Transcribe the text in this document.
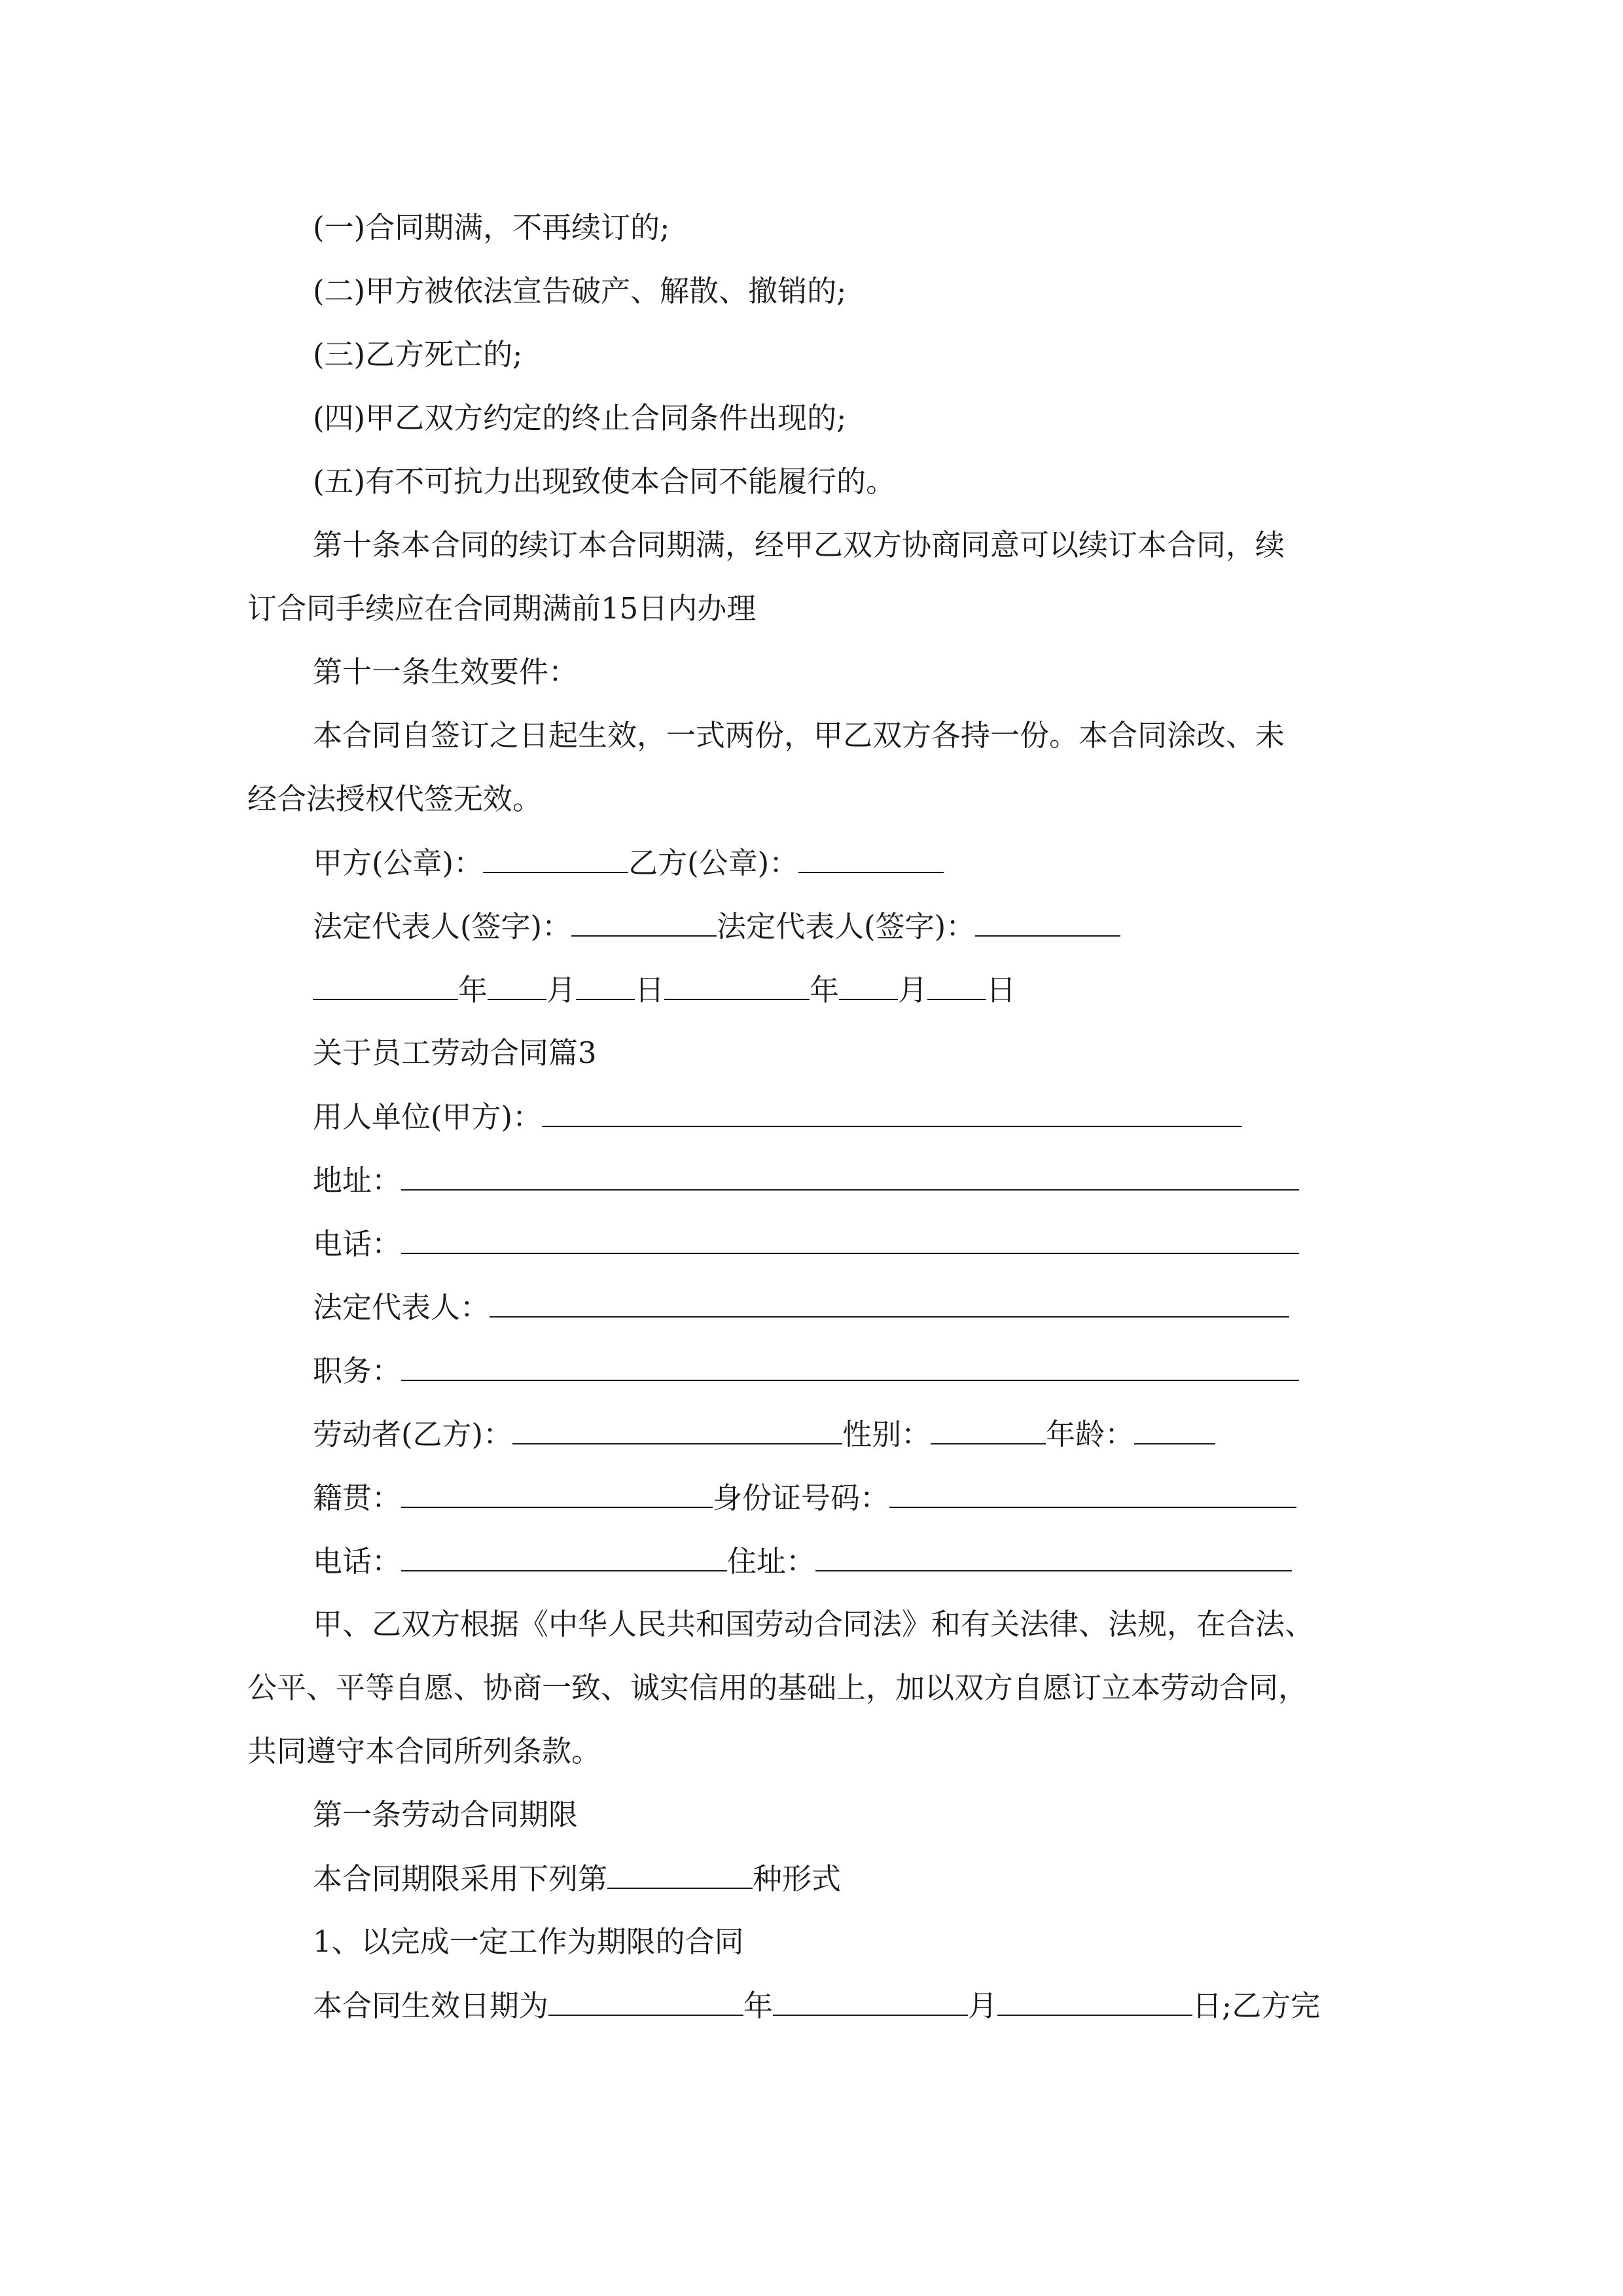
(一)合同期满，不再续订的;
(二)甲方被依法宣告破产、解散、撤销的;
(三)乙方死亡的;
(四)甲乙双方约定的终止合同条件出现的;
(五)有不可抗力出现致使本合同不能履行的。
第十条本合同的续订本合同期满，经甲乙双方协商同意可以续订本合同，续
订合同手续应在合同期满前15日内办理
第十一条生效要件：
本合同自签订之日起生效，一式两份，甲乙双方各持一份。本合同涂改、未
经合法授权代签无效。
甲方(公章)：	乙方(公章)：
法定代表人(签字)：	法定代表人(签字)：
年 月 日	年 月 日
关于员工劳动合同篇3
用人单位(甲方)：
地址：
电话：
法定代表人：
职务：
劳动者(乙方)：	性别：	年龄：
籍贯：	身份证号码：
电话：	住址：
甲、乙双方根据《中华人民共和国劳动合同法》和有关法律、法规，在合法、
公平、平等自愿、协商一致、诚实信用的基础上，加以双方自愿订立本劳动合同，
共同遵守本合同所列条款。
第一条劳动合同期限
本合同期限采用下列第	种形式
1、以完成一定工作为期限的合同
本合同生效日期为	年	月	日;乙方完
